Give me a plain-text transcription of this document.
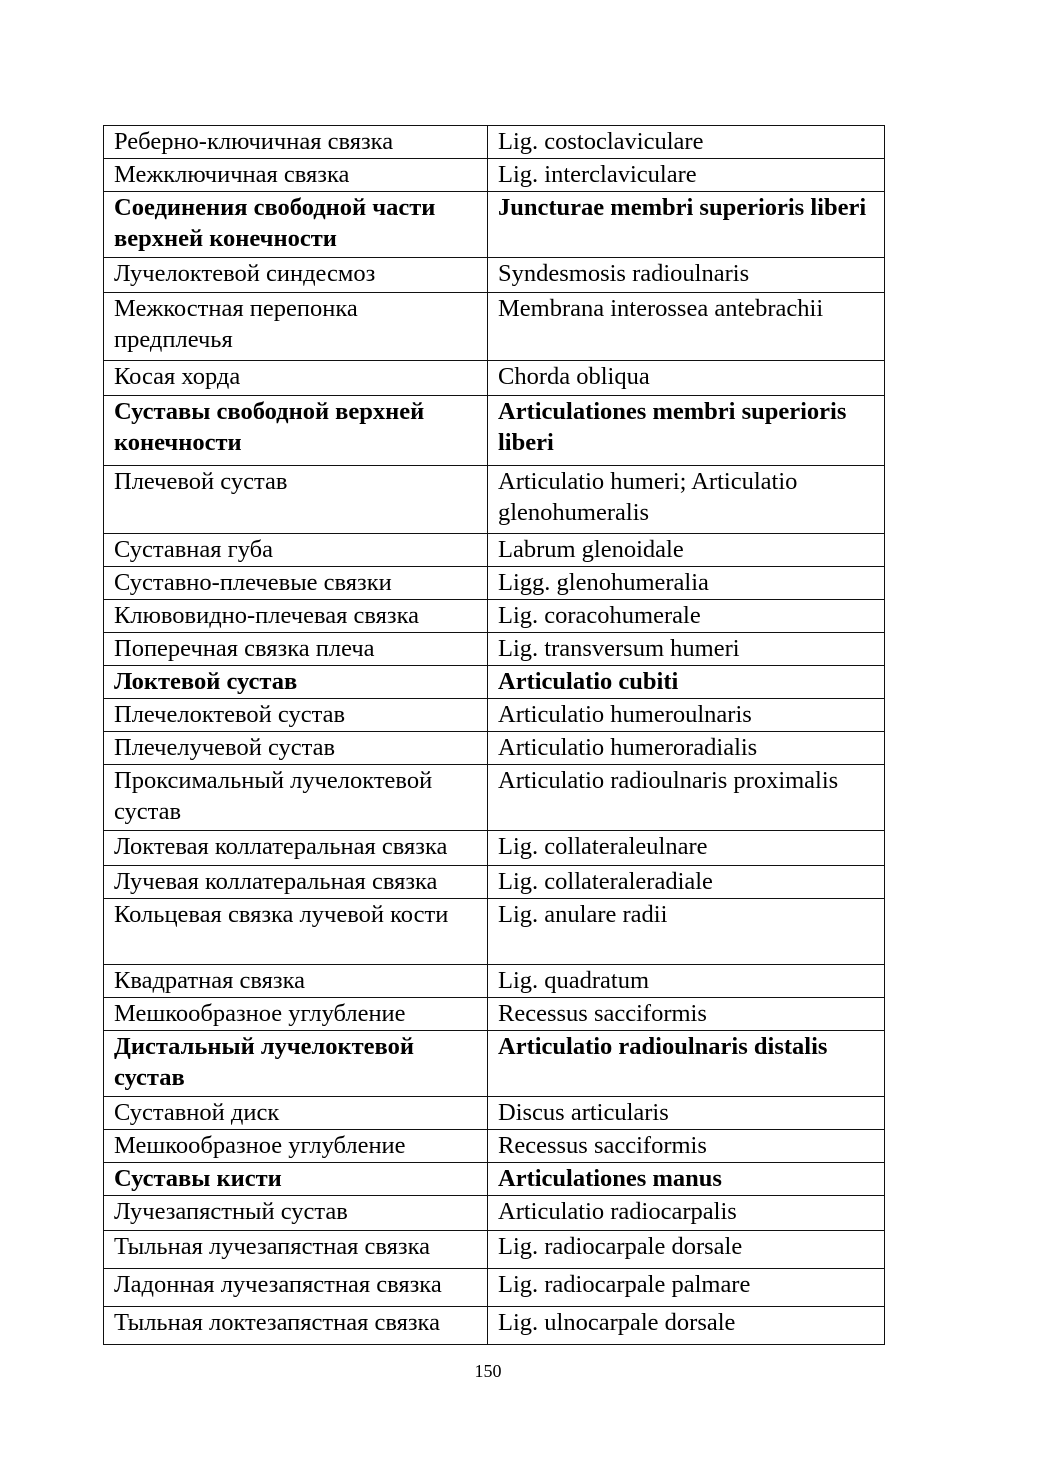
Реберно-ключичная связка	Lig. costoclaviculare
Межключичная связка	Lig. interclaviculare
Соединения свободной части верхней конечности	Juncturae membri superioris liberi
Лучелоктевой синдесмоз	Syndesmosis radioulnaris
Межкостная перепонка предплечья	Membrana interossea antebrachii
Косая хорда	Chorda obliqua
Суставы свободной верхней конечности	Articulationes membri superioris liberi
Плечевой сустав	Articulatio humeri; Articulatio glenohumeralis
Суставная губа	Labrum glenoidale
Суставно-плечевые связки	Ligg. glenohumeralia
Клювовидно-плечевая связка	Lig. coracohumerale
Поперечная связка плеча	Lig. transversum humeri
Локтевой сустав	Articulatio cubiti
Плечелоктевой сустав	Articulatio humeroulnaris
Плечелучевой сустав	Articulatio humeroradialis
Проксимальный лучелоктевой сустав	Articulatio radioulnaris proximalis
Локтевая коллатеральная связка	Lig. collateraleulnare
Лучевая коллатеральная связка	Lig. collateraleradiale
Кольцевая связка лучевой кости	Lig. anulare radii
Квадратная связка	Lig. quadratum
Мешкообразное углубление	Recessus sacciformis
Дистальный лучелоктевой сустав	Articulatio radioulnaris distalis
Суставной диск	Discus articularis
Мешкообразное углубление	Recessus sacciformis
Суставы кисти	Articulationes manus
Лучезапястный сустав	Articulatio radiocarpalis
Тыльная лучезапястная связка	Lig. radiocarpale dorsale
Ладонная лучезапястная связка	Lig. radiocarpale palmare
Тыльная локтезапястная связка	Lig. ulnocarpale dorsale
150
